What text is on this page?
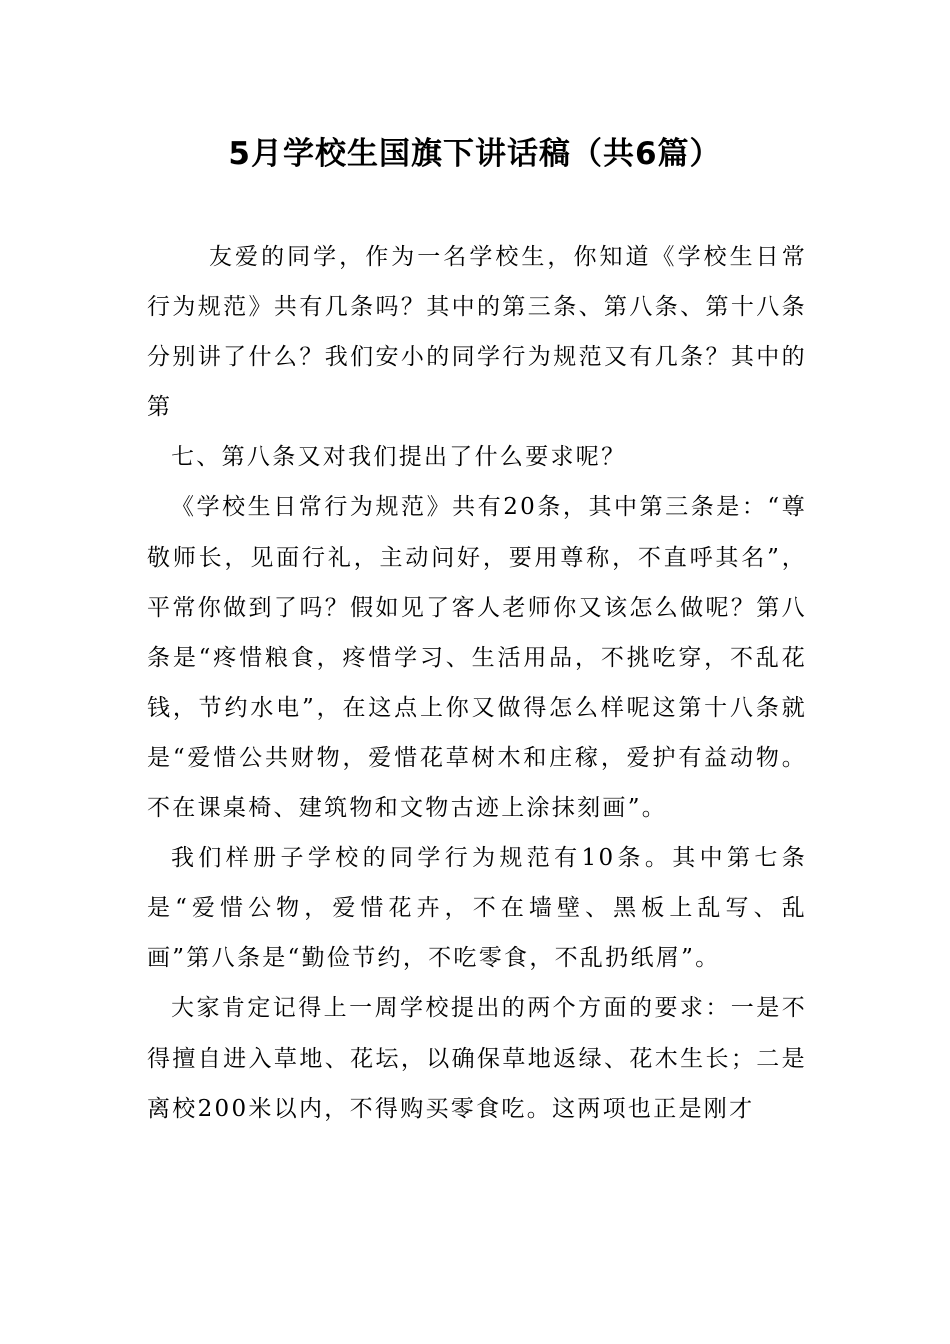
5月学校生国旗下讲话稿（共6篇）

友爱的同学，作为一名学校生，你知道《学校生日常行为规范》共有几条吗？其中的第三条、第八条、第十八条分别讲了什么？我们安小的同学行为规范又有几条？其中的第

七、第八条又对我们提出了什么要求呢？

《学校生日常行为规范》共有20条，其中第三条是：“尊敬师长，见面行礼，主动问好，要用尊称，不直呼其名”，平常你做到了吗？假如见了客人老师你又该怎么做呢？第八条是“疼惜粮食，疼惜学习、生活用品，不挑吃穿，不乱花钱，节约水电”，在这点上你又做得怎么样呢这第十八条就是“爱惜公共财物，爱惜花草树木和庄稼，爱护有益动物。不在课桌椅、建筑物和文物古迹上涂抹刻画”。

我们样册子学校的同学行为规范有10条。其中第七条是“爱惜公物，爱惜花卉，不在墙壁、黑板上乱写、乱画”第八条是“勤俭节约，不吃零食，不乱扔纸屑”。

大家肯定记得上一周学校提出的两个方面的要求：一是不得擅自进入草地、花坛，以确保草地返绿、花木生长；二是离校200米以内，不得购买零食吃。这两项也正是刚才
